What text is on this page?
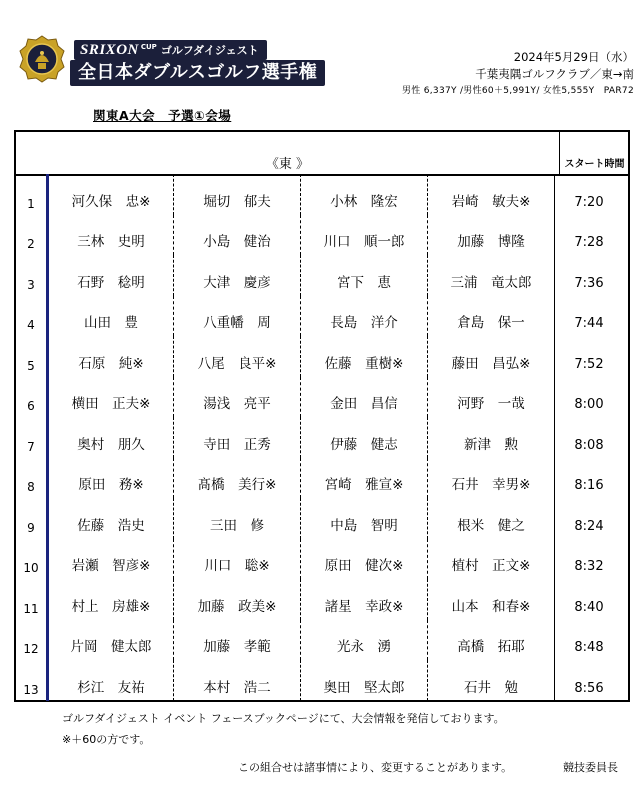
SRIXON CUP ゴルフダイジェスト
全日本ダブルスゴルフ選手権
2024年5月29日（水）
千葉夷隅ゴルフクラブ／東→南
男性 6,337Y /男性60＋5,991Y/ 女性5,555Y　PAR72
関東A大会　予選①会場
《東 》	スタート時間
1	河久保　忠※	堀切　郁夫	小林　隆宏	岩崎　敏夫※	7:20
2	三林　史明	小島　健治	川口　順一郎	加藤　博隆	7:28
3	石野　稔明	大津　慶彦	宮下　恵	三浦　竜太郎	7:36
4	山田　豊	八重幡　周	長島　洋介	倉島　保一	7:44
5	石原　純※	八尾　良平※	佐藤　重樹※	藤田　昌弘※	7:52
6	横田　正夫※	湯浅　亮平	金田　昌信	河野　一哉	8:00
7	奥村　朋久	寺田　正秀	伊藤　健志	新津　勲	8:08
8	原田　務※	髙橋　美行※	宮崎　雅宣※	石井　幸男※	8:16
9	佐藤　浩史	三田　修	中島　智明	根米　健之	8:24
10	岩瀬　智彦※	川口　聡※	原田　健次※	植村　正文※	8:32
11	村上　房雄※	加藤　政美※	諸星　幸政※	山本　和春※	8:40
12	片岡　健太郎	加藤　孝範	光永　湧	高橋　拓耶	8:48
13	杉江　友祐	本村　浩二	奥田　堅太郎	石井　勉	8:56
ゴルフダイジェスト イベント フェースブックページにて、大会情報を発信しております。
※＋60の方です。
この組合せは諸事情により、変更することがあります。	競技委員長
